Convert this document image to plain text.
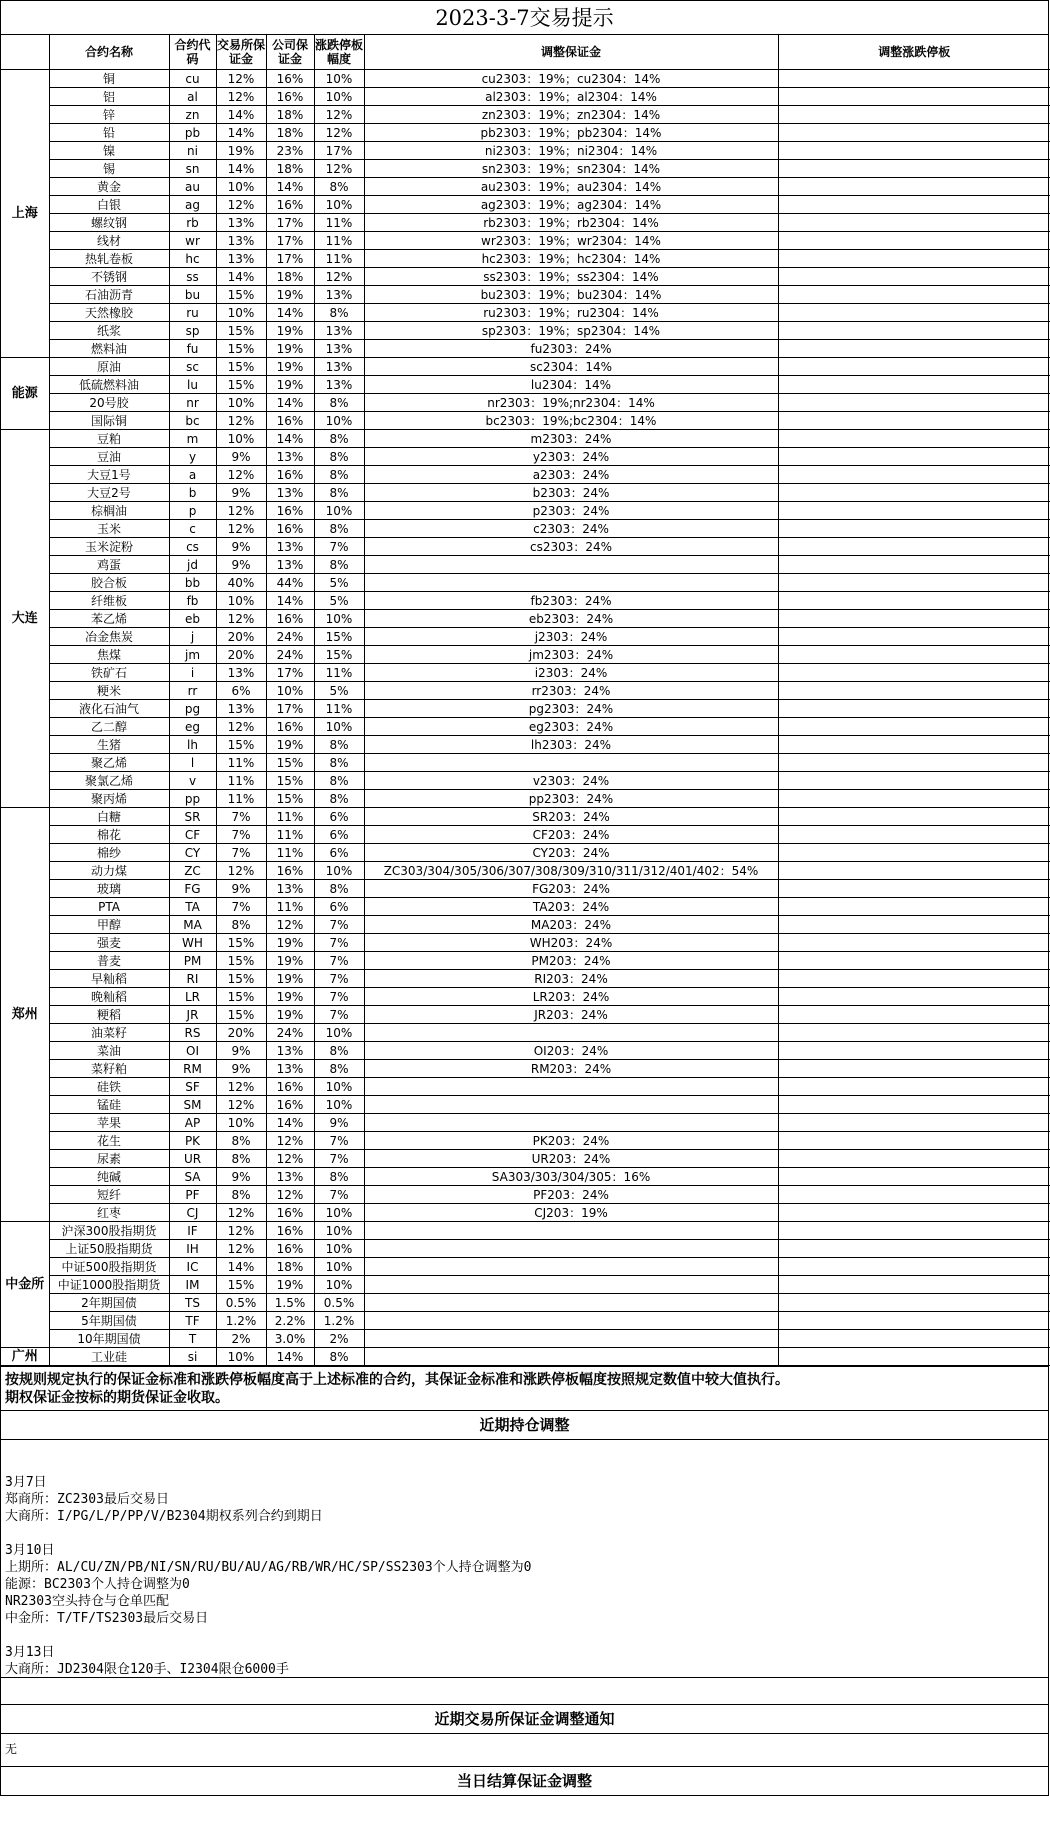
2023-3-7交易提示
	合约名称	合约代码	交易所保证金	公司保证金	涨跌停板幅度	调整保证金	调整涨跌停板
上海	铜	cu	12%	16%	10%	cu2303：19%；cu2304：14%	
	铝	al	12%	16%	10%	al2303：19%；al2304：14%	
	锌	zn	14%	18%	12%	zn2303：19%；zn2304：14%	
	铅	pb	14%	18%	12%	pb2303：19%；pb2304：14%	
	镍	ni	19%	23%	17%	ni2303：19%；ni2304：14%	
	锡	sn	14%	18%	12%	sn2303：19%；sn2304：14%	
	黄金	au	10%	14%	8%	au2303：19%；au2304：14%	
	白银	ag	12%	16%	10%	ag2303：19%；ag2304：14%	
	螺纹钢	rb	13%	17%	11%	rb2303：19%；rb2304：14%	
	线材	wr	13%	17%	11%	wr2303：19%；wr2304：14%	
	热轧卷板	hc	13%	17%	11%	hc2303：19%；hc2304：14%	
	不锈钢	ss	14%	18%	12%	ss2303：19%；ss2304：14%	
	石油沥青	bu	15%	19%	13%	bu2303：19%；bu2304：14%	
	天然橡胶	ru	10%	14%	8%	ru2303：19%；ru2304：14%	
	纸浆	sp	15%	19%	13%	sp2303：19%；sp2304：14%	
	燃料油	fu	15%	19%	13%	fu2303：24%	
能源	原油	sc	15%	19%	13%	sc2304：14%	
	低硫燃料油	lu	15%	19%	13%	lu2304：14%	
	20号胶	nr	10%	14%	8%	nr2303：19%;nr2304：14%	
	国际铜	bc	12%	16%	10%	bc2303：19%;bc2304：14%	
大连	豆粕	m	10%	14%	8%	m2303：24%	
	豆油	y	9%	13%	8%	y2303：24%	
	大豆1号	a	12%	16%	8%	a2303：24%	
	大豆2号	b	9%	13%	8%	b2303：24%	
	棕榈油	p	12%	16%	10%	p2303：24%	
	玉米	c	12%	16%	8%	c2303：24%	
	玉米淀粉	cs	9%	13%	7%	cs2303：24%	
	鸡蛋	jd	9%	13%	8%		
	胶合板	bb	40%	44%	5%		
	纤维板	fb	10%	14%	5%	fb2303：24%	
	苯乙烯	eb	12%	16%	10%	eb2303：24%	
	冶金焦炭	j	20%	24%	15%	j2303：24%	
	焦煤	jm	20%	24%	15%	jm2303：24%	
	铁矿石	i	13%	17%	11%	i2303：24%	
	粳米	rr	6%	10%	5%	rr2303：24%	
	液化石油气	pg	13%	17%	11%	pg2303：24%	
	乙二醇	eg	12%	16%	10%	eg2303：24%	
	生猪	lh	15%	19%	8%	lh2303：24%	
	聚乙烯	l	11%	15%	8%		
	聚氯乙烯	v	11%	15%	8%	v2303：24%	
	聚丙烯	pp	11%	15%	8%	pp2303：24%	
郑州	白糖	SR	7%	11%	6%	SR203：24%	
	棉花	CF	7%	11%	6%	CF203：24%	
	棉纱	CY	7%	11%	6%	CY203：24%	
	动力煤	ZC	12%	16%	10%	ZC303/304/305/306/307/308/309/310/311/312/401/402：54%	
	玻璃	FG	9%	13%	8%	FG203：24%	
	PTA	TA	7%	11%	6%	TA203：24%	
	甲醇	MA	8%	12%	7%	MA203：24%	
	强麦	WH	15%	19%	7%	WH203：24%	
	普麦	PM	15%	19%	7%	PM203：24%	
	早籼稻	RI	15%	19%	7%	RI203：24%	
	晚籼稻	LR	15%	19%	7%	LR203：24%	
	粳稻	JR	15%	19%	7%	JR203：24%	
	油菜籽	RS	20%	24%	10%		
	菜油	OI	9%	13%	8%	OI203：24%	
	菜籽粕	RM	9%	13%	8%	RM203：24%	
	硅铁	SF	12%	16%	10%		
	锰硅	SM	12%	16%	10%		
	苹果	AP	10%	14%	9%		
	花生	PK	8%	12%	7%	PK203：24%	
	尿素	UR	8%	12%	7%	UR203：24%	
	纯碱	SA	9%	13%	8%	SA303/303/304/305：16%	
	短纤	PF	8%	12%	7%	PF203：24%	
	红枣	CJ	12%	16%	10%	CJ203：19%	
中金所	沪深300股指期货	IF	12%	16%	10%		
	上证50股指期货	IH	12%	16%	10%		
	中证500股指期货	IC	14%	18%	10%		
	中证1000股指期货	IM	15%	19%	10%		
	2年期国债	TS	0.5%	1.5%	0.5%		
	5年期国债	TF	1.2%	2.2%	1.2%		
	10年期国债	T	2%	3.0%	2%		
广州	工业硅	si	10%	14%	8%		
按规则规定执行的保证金标准和涨跌停板幅度高于上述标准的合约，其保证金标准和涨跌停板幅度按照规定数值中较大值执行。
期权保证金按标的期货保证金收取。
近期持仓调整
3月7日
郑商所：ZC2303最后交易日
大商所：I/PG/L/P/PP/V/B2304期权系列合约到期日
3月10日
上期所：AL/CU/ZN/PB/NI/SN/RU/BU/AU/AG/RB/WR/HC/SP/SS2303个人持仓调整为0
能源：BC2303个人持仓调整为0
NR2303空头持仓与仓单匹配
中金所：T/TF/TS2303最后交易日
3月13日
大商所：JD2304限仓120手、I2304限仓6000手
近期交易所保证金调整通知
无
当日结算保证金调整
